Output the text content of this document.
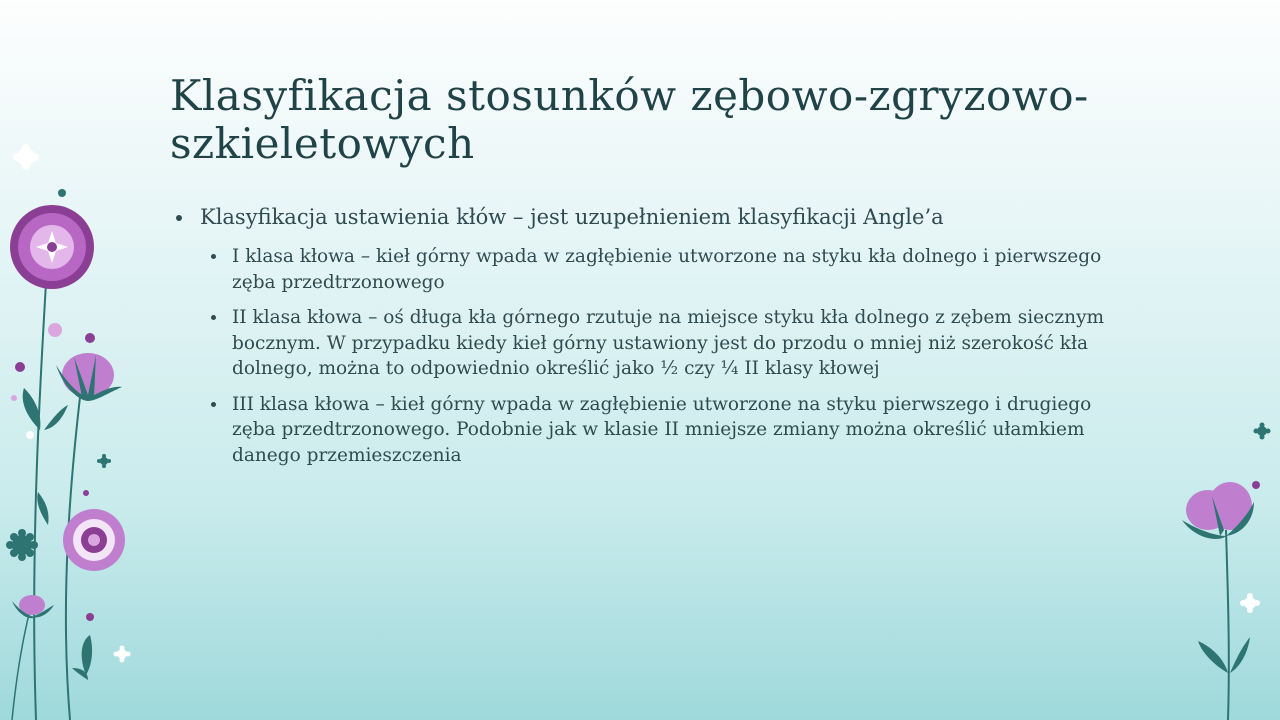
Klasyfikacja stosunków zębowo-zgryzowo-szkieletowych
Klasyfikacja ustawienia kłów – jest uzupełnieniem klasyfikacji Angle’a
I klasa kłowa – kieł górny wpada w zagłębienie utworzone na styku kła dolnego i pierwszego zęba przedtrzonowego
II klasa kłowa – oś długa kła górnego rzutuje na miejsce styku kła dolnego z zębem siecznym bocznym. W przypadku kiedy kieł górny ustawiony jest do przodu o mniej niż szerokość kła dolnego, można to odpowiednio określić jako ½ czy ¼ II klasy kłowej
III klasa kłowa – kieł górny wpada w zagłębienie utworzone na styku pierwszego i drugiego zęba przedtrzonowego. Podobnie jak w klasie II mniejsze zmiany można określić ułamkiem danego przemieszczenia
